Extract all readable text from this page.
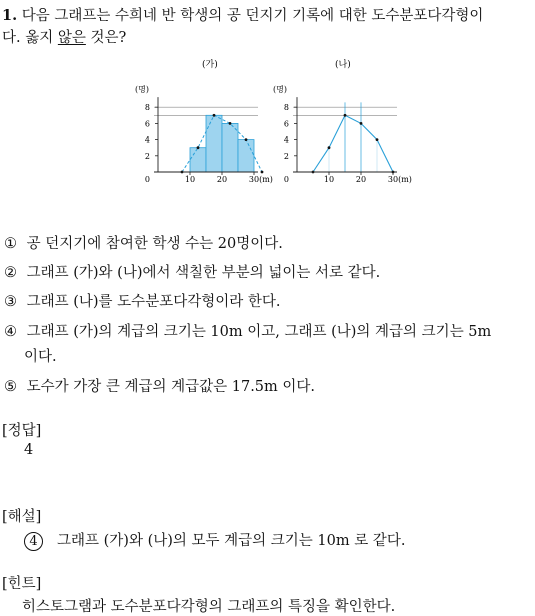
1. 다음 그래프는 수희네 반 학생의 공 던지기 기록에 대한 도수분포다각형이
다. 옳지 않은 것은?
(가)
(명)
8
6
4
2
0	10	20	30 (m)
(나)
(명)
8
6
4
2
0	10	20	30 (m)
① 공 던지기에 참여한 학생 수는 20명이다.
② 그래프 (가)와 (나)에서 색칠한 부분의 넓이는 서로 같다.
③ 그래프 (나)를 도수분포다각형이라 한다.
④ 그래프 (가)의 계급의 크기는 10m 이고, 그래프 (나)의 계급의 크기는 5m
이다.
⑤ 도수가 가장 큰 계급의 계급값은 17.5m 이다.
[정답]
4
[해설]
4 그래프 (가)와 (나)의 모두 계급의 크기는 10m 로 같다.
[힌트]
히스토그램과 도수분포다각형의 그래프의 특징을 확인한다.
